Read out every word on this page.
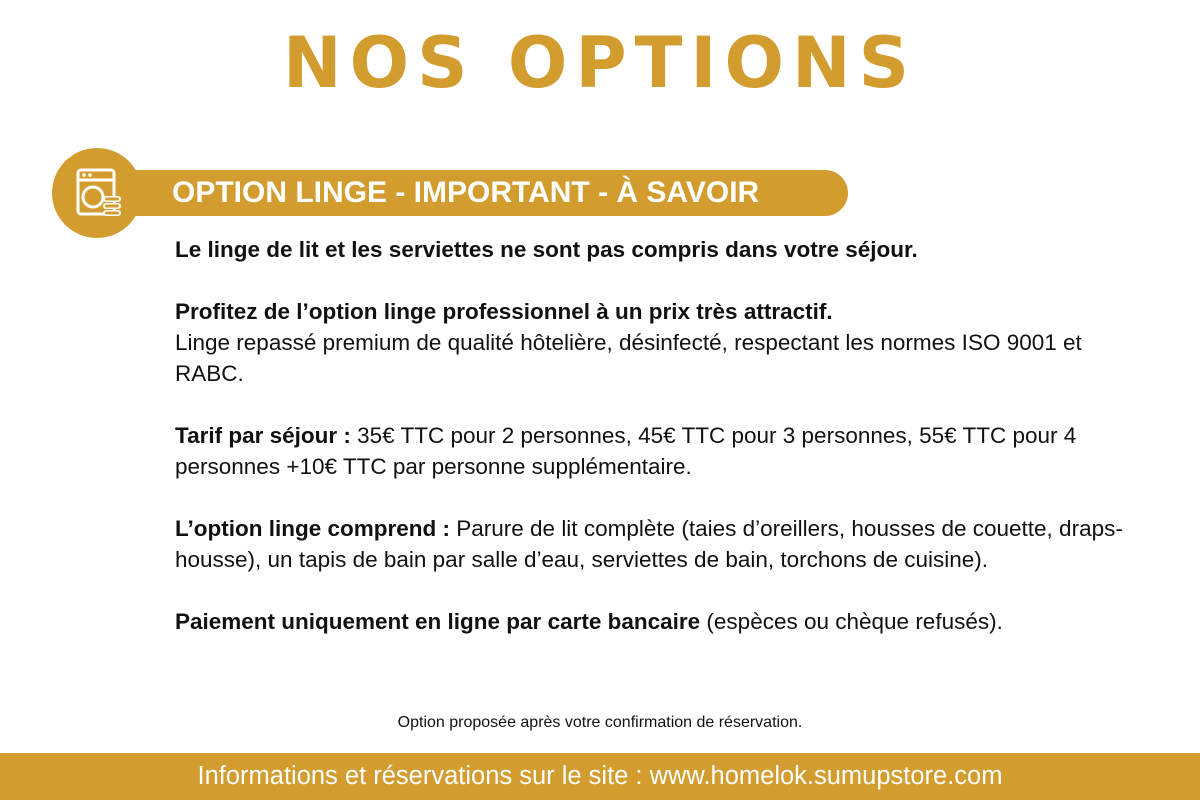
NOS OPTIONS
OPTION LINGE - IMPORTANT - À SAVOIR

Le linge de lit et les serviettes ne sont pas compris dans votre séjour.

Profitez de l’option linge professionnel à un prix très attractif.
Linge repassé premium de qualité hôtelière, désinfecté, respectant les normes ISO 9001 et RABC.

Tarif par séjour : 35€ TTC pour 2 personnes, 45€ TTC pour 3 personnes, 55€ TTC pour 4 personnes +10€ TTC par personne supplémentaire.

L’option linge comprend : Parure de lit complète (taies d’oreillers, housses de couette, draps-housse), un tapis de bain par salle d’eau, serviettes de bain, torchons de cuisine).

Paiement uniquement en ligne par carte bancaire (espèces ou chèque refusés).

Option proposée après votre confirmation de réservation.
Informations et réservations sur le site : www.homelok.sumupstore.com
